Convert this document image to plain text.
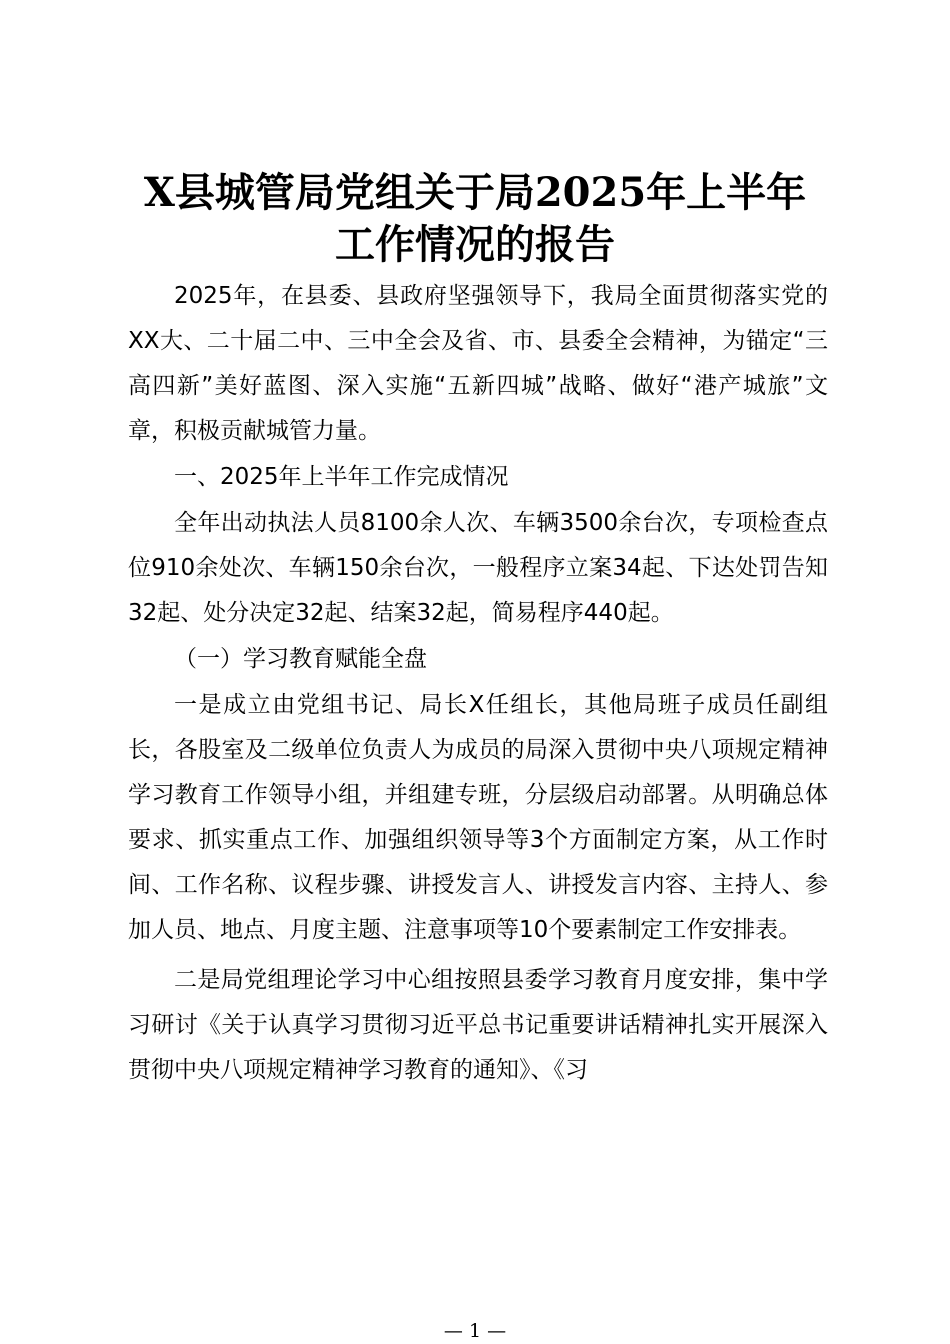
X县城管局党组关于局2025年上半年
工作情况的报告

2025年，在县委、县政府坚强领导下，我局全面贯彻落实党的XX大、二十届二中、三中全会及省、市、县委全会精神，为锚定“三高四新”美好蓝图、深入实施“五新四城”战略、做好“港产城旅”文章，积极贡献城管力量。

一、2025年上半年工作完成情况

全年出动执法人员8100余人次、车辆3500余台次，专项检查点位910余处次、车辆150余台次，一般程序立案34起、下达处罚告知32起、处分决定32起、结案32起，简易程序440起。

（一）学习教育赋能全盘

一是成立由党组书记、局长X任组长，其他局班子成员任副组长，各股室及二级单位负责人为成员的局深入贯彻中央八项规定精神学习教育工作领导小组，并组建专班，分层级启动部署。从明确总体要求、抓实重点工作、加强组织领导等3个方面制定方案，从工作时间、工作名称、议程步骤、讲授发言人、讲授发言内容、主持人、参加人员、地点、月度主题、注意事项等10个要素制定工作安排表。

二是局党组理论学习中心组按照县委学习教育月度安排，集中学习研讨《关于认真学习贯彻习近平总书记重要讲话精神扎实开展深入贯彻中央八项规定精神学习教育的通知》、《习

— 1 —
